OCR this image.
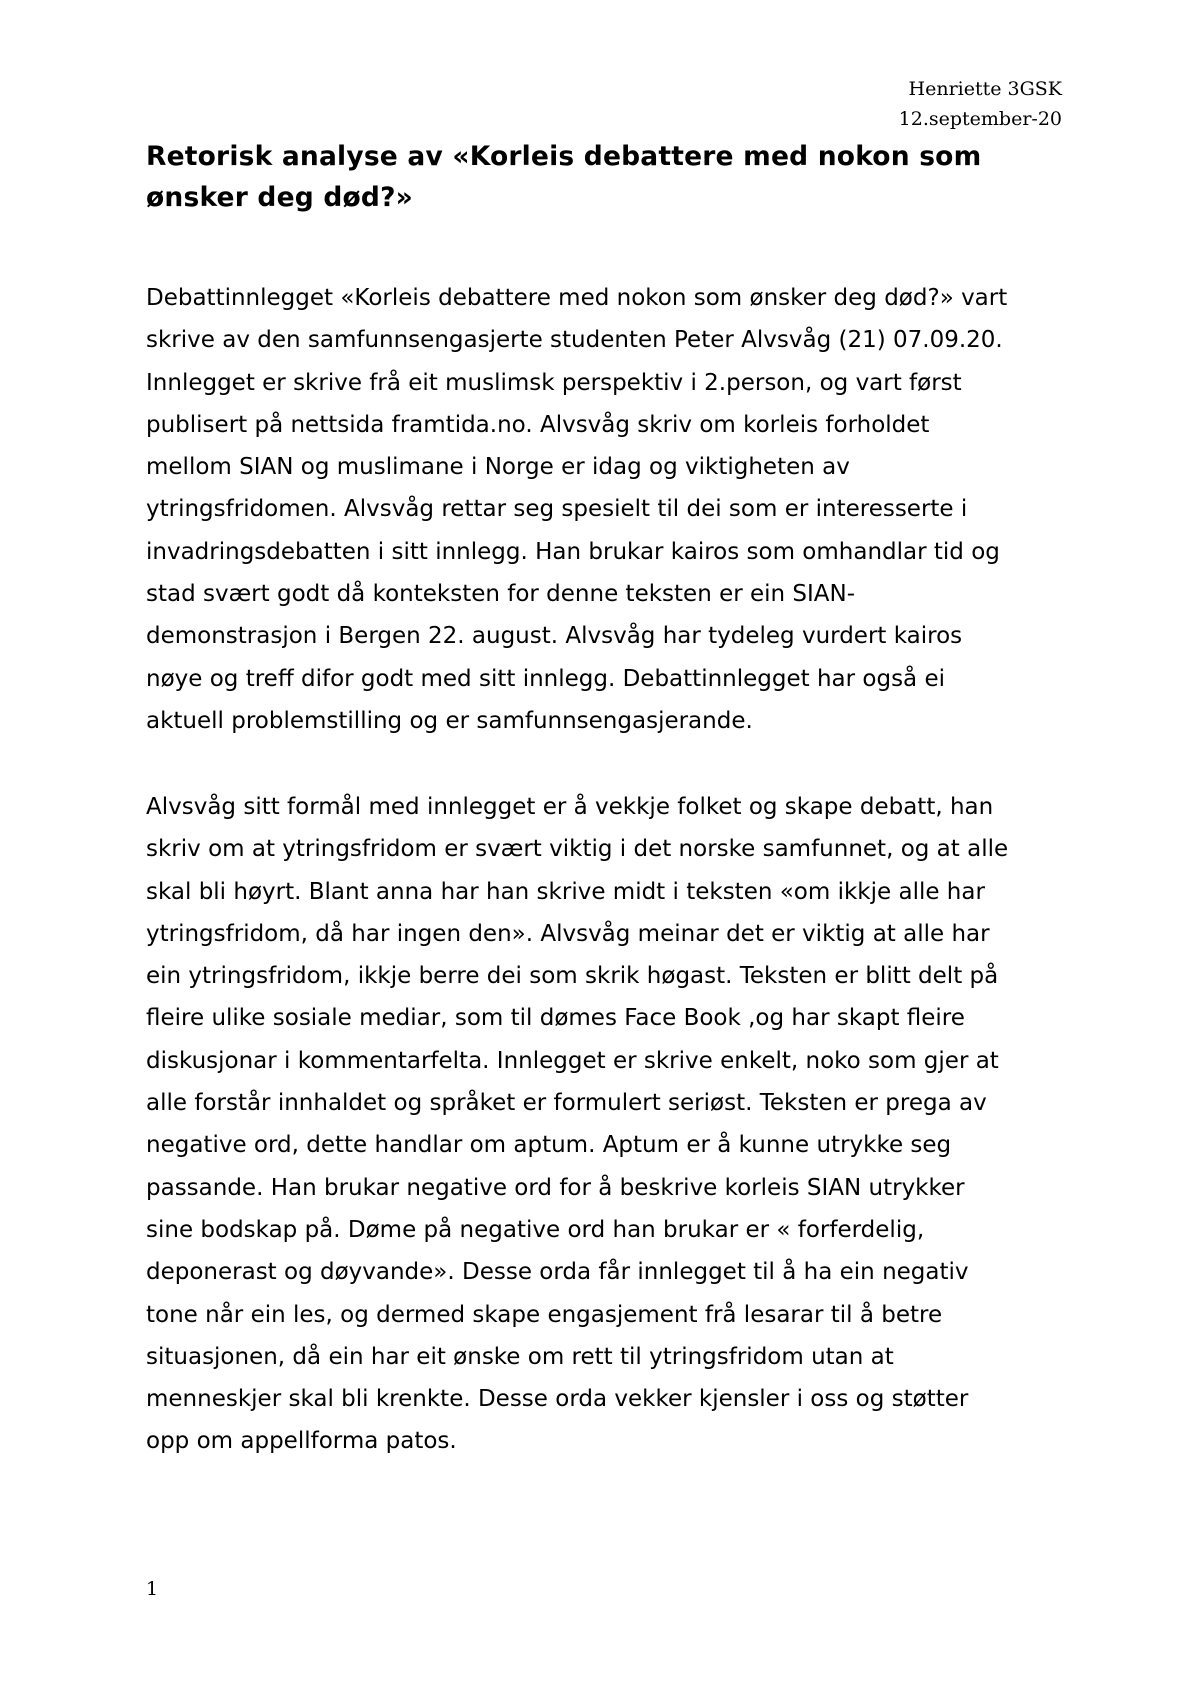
Henriette 3GSK
12.september-20
Retorisk analyse av «Korleis debattere med nokon som
ønsker deg død?»
Debattinnlegget «Korleis debattere med nokon som ønsker deg død?» vart
skrive av den samfunnsengasjerte studenten Peter Alvsvåg (21) 07.09.20.
Innlegget er skrive frå eit muslimsk perspektiv i 2.person, og vart først
publisert på nettsida framtida.no. Alvsvåg skriv om korleis forholdet
mellom SIAN og muslimane i Norge er idag og viktigheten av
ytringsfridomen. Alvsvåg rettar seg spesielt til dei som er interesserte i
invadringsdebatten i sitt innlegg. Han brukar kairos som omhandlar tid og
stad svært godt då konteksten for denne teksten er ein SIAN-
demonstrasjon i Bergen 22. august. Alvsvåg har tydeleg vurdert kairos
nøye og treff difor godt med sitt innlegg. Debattinnlegget har også ei
aktuell problemstilling og er samfunnsengasjerande.
Alvsvåg sitt formål med innlegget er å vekkje folket og skape debatt, han
skriv om at ytringsfridom er svært viktig i det norske samfunnet, og at alle
skal bli høyrt. Blant anna har han skrive midt i teksten «om ikkje alle har
ytringsfridom, då har ingen den». Alvsvåg meinar det er viktig at alle har
ein ytringsfridom, ikkje berre dei som skrik høgast. Teksten er blitt delt på
fleire ulike sosiale mediar, som til dømes Face Book ,og har skapt fleire
diskusjonar i kommentarfelta. Innlegget er skrive enkelt, noko som gjer at
alle forstår innhaldet og språket er formulert seriøst. Teksten er prega av
negative ord, dette handlar om aptum. Aptum er å kunne utrykke seg
passande. Han brukar negative ord for å beskrive korleis SIAN utrykker
sine bodskap på. Døme på negative ord han brukar er « forferdelig,
deponerast og døyvande». Desse orda får innlegget til å ha ein negativ
tone når ein les, og dermed skape engasjement frå lesarar til å betre
situasjonen, då ein har eit ønske om rett til ytringsfridom utan at
menneskjer skal bli krenkte. Desse orda vekker kjensler i oss og støtter
opp om appellforma patos.
1
